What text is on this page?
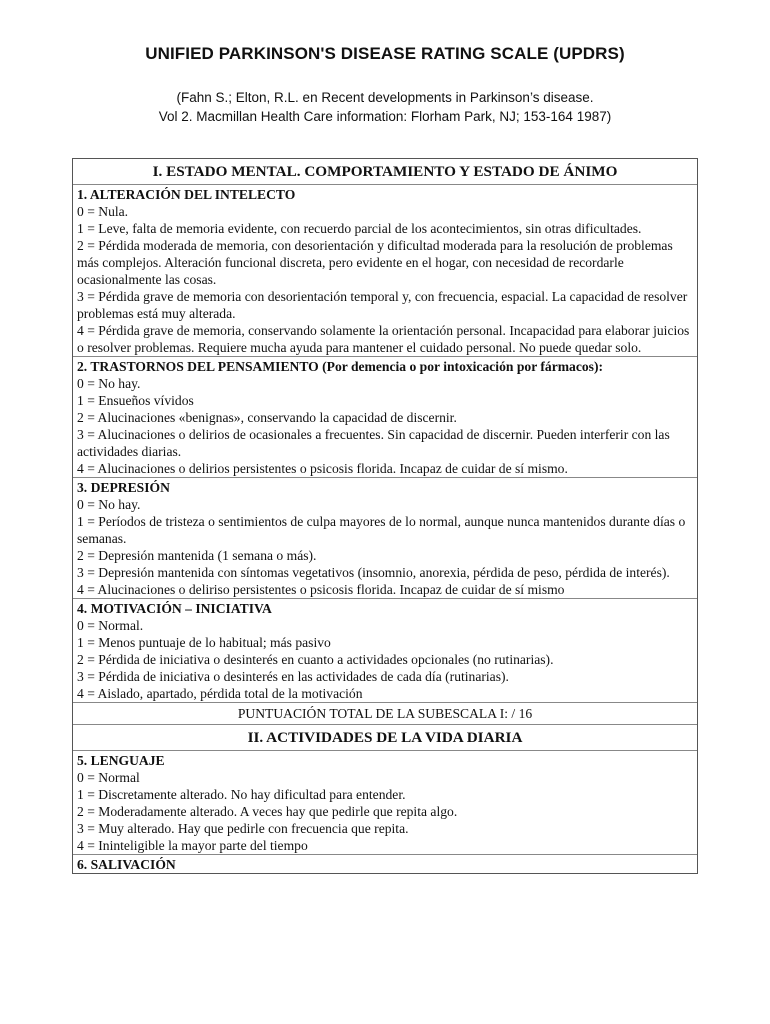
UNIFIED PARKINSON'S DISEASE RATING SCALE (UPDRS)
(Fahn S.; Elton, R.L. en Recent developments in Parkinson’s disease.
Vol 2. Macmillan Health Care information: Florham Park, NJ; 153-164 1987)
I. ESTADO MENTAL. COMPORTAMIENTO Y ESTADO DE ÁNIMO
1. ALTERACIÓN DEL INTELECTO
0 = Nula.
1 = Leve, falta de memoria evidente, con recuerdo parcial de los acontecimientos, sin otras dificultades.
2 = Pérdida moderada de memoria, con desorientación y dificultad moderada para la resolución de problemas más complejos. Alteración funcional discreta, pero evidente en el hogar, con necesidad de recordarle ocasionalmente las cosas.
3 = Pérdida grave de memoria con desorientación temporal y, con frecuencia, espacial. La capacidad de resolver problemas está muy alterada.
4 = Pérdida grave de memoria, conservando solamente la orientación personal. Incapacidad para elaborar juicios o resolver problemas. Requiere mucha ayuda para mantener el cuidado personal. No puede quedar solo.
2. TRASTORNOS DEL PENSAMIENTO (Por demencia o por intoxicación por fármacos):
0 = No hay.
1 = Ensueños vívidos
2 = Alucinaciones «benignas», conservando la capacidad de discernir.
3 = Alucinaciones o delirios de ocasionales a frecuentes. Sin capacidad de discernir. Pueden interferir con las actividades diarias.
4 = Alucinaciones o delirios persistentes o psicosis florida. Incapaz de cuidar de sí mismo.
3. DEPRESIÓN
0 = No hay.
1 = Períodos de tristeza o sentimientos de culpa mayores de lo normal, aunque nunca mantenidos durante días o semanas.
2 = Depresión mantenida (1 semana o más).
3 = Depresión mantenida con síntomas vegetativos (insomnio, anorexia, pérdida de peso, pérdida de interés).
4 = Alucinaciones o deliriso persistentes o psicosis florida. Incapaz de cuidar de sí mismo
4. MOTIVACIÓN – INICIATIVA
0 = Normal.
1 = Menos puntuaje de lo habitual; más pasivo
2 = Pérdida de iniciativa o desinterés en cuanto a actividades opcionales (no rutinarias).
3 = Pérdida de iniciativa o desinterés en las actividades de cada día (rutinarias).
4 = Aislado, apartado, pérdida total de la motivación
PUNTUACIÓN TOTAL DE LA SUBESCALA I: / 16
II. ACTIVIDADES DE LA VIDA DIARIA
5. LENGUAJE
0 = Normal
1 = Discretamente alterado. No hay dificultad para entender.
2 = Moderadamente alterado. A veces hay que pedirle que repita algo.
3 = Muy alterado. Hay que pedirle con frecuencia que repita.
4 = Ininteligible la mayor parte del tiempo
6. SALIVACIÓN
